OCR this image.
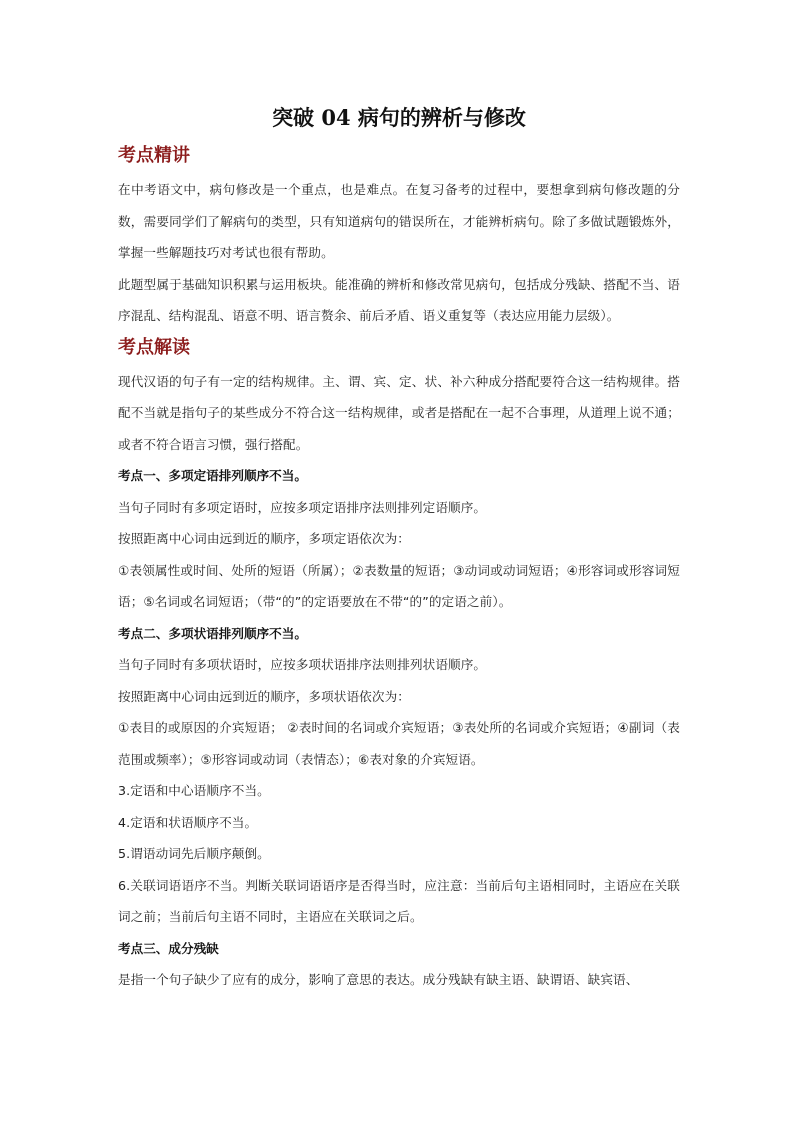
突破 04 病句的辨析与修改
考点精讲

在中考语文中，病句修改是一个重点，也是难点。在复习备考的过程中，要想拿到病句修改题的分数，需要同学们了解病句的类型，只有知道病句的错误所在，才能辨析病句。除了多做试题锻炼外，掌握一些解题技巧对考试也很有帮助。

此题型属于基础知识积累与运用板块。能准确的辨析和修改常见病句，包括成分残缺、搭配不当、语序混乱、结构混乱、语意不明、语言赘余、前后矛盾、语义重复等（表达应用能力层级）。

考点解读

现代汉语的句子有一定的结构规律。主、谓、宾、定、状、补六种成分搭配要符合这一结构规律。搭配不当就是指句子的某些成分不符合这一结构规律，或者是搭配在一起不合事理，从道理上说不通；或者不符合语言习惯，强行搭配。

考点一、多项定语排列顺序不当。

当句子同时有多项定语时，应按多项定语排序法则排列定语顺序。

按照距离中心词由远到近的顺序，多项定语依次为：

①表领属性或时间、处所的短语（所属）；②表数量的短语；③动词或动词短语；④形容词或形容词短语；⑤名词或名词短语；（带“的”的定语要放在不带“的”的定语之前）。

考点二、多项状语排列顺序不当。

当句子同时有多项状语时，应按多项状语排序法则排列状语顺序。

按照距离中心词由远到近的顺序，多项状语依次为：

①表目的或原因的介宾短语； ②表时间的名词或介宾短语；③表处所的名词或介宾短语；④副词（表范围或频率）；⑤形容词或动词（表情态）；⑥表对象的介宾短语。

3.定语和中心语顺序不当。

4.定语和状语顺序不当。

5.谓语动词先后顺序颠倒。

6.关联词语语序不当。判断关联词语语序是否得当时，应注意：当前后句主语相同时，主语应在关联词之前；当前后句主语不同时，主语应在关联词之后。

考点三、成分残缺

是指一个句子缺少了应有的成分，影响了意思的表达。成分残缺有缺主语、缺谓语、缺宾语、
